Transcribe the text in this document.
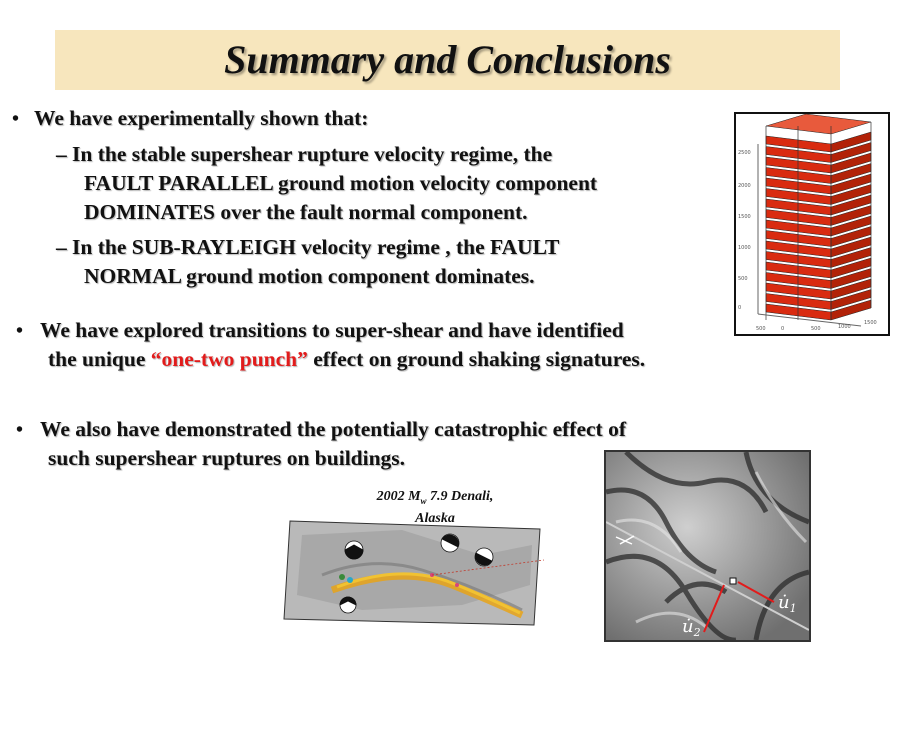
Summary and Conclusions
• We have experimentally shown that:
– In the stable supershear rupture velocity regime, the
FAULT PARALLEL ground motion velocity component
DOMINATES over the fault normal component.
– In the SUB-RAYLEIGH velocity regime , the FAULT
NORMAL ground motion component dominates.
• We have explored transitions to super-shear and have identified
the unique “one-two punch” effect on ground shaking signatures.
• We also have demonstrated the potentially catastrophic effect of
such supershear ruptures on buildings.
2500
2000
1500
1000
500
0
500	0	500	1000
1500
2002 $M_w$ 7.9 Denali,
Alaska
$u̇_1$
$u̇_2$
